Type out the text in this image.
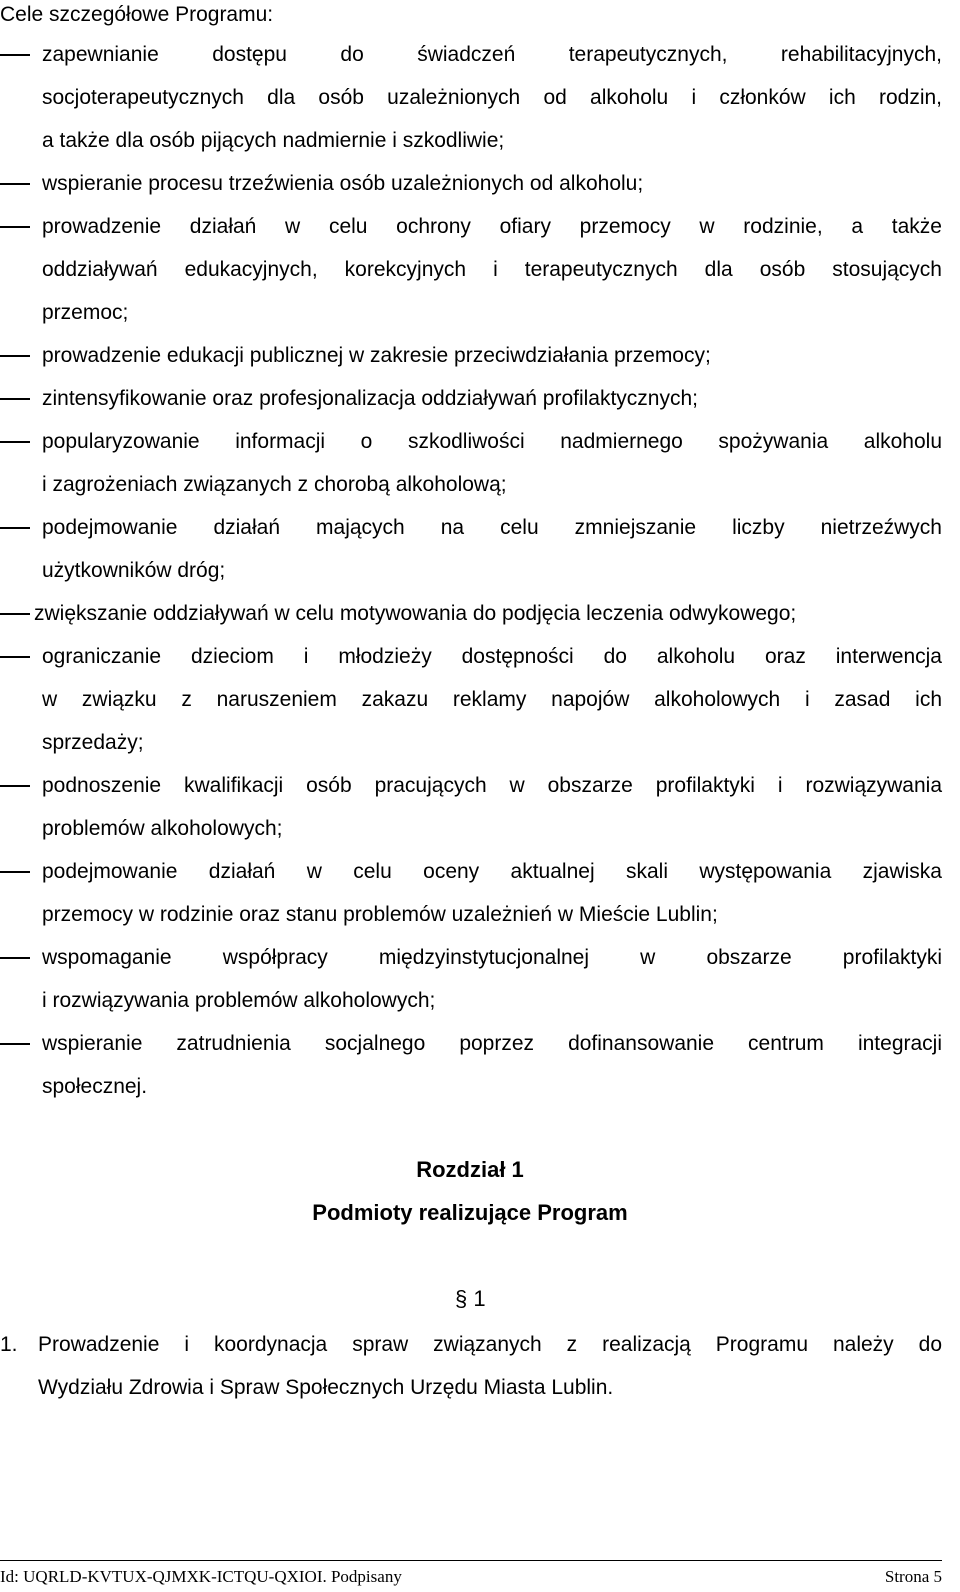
Cele szczegółowe Programu:
zapewnianie dostępu do świadczeń terapeutycznych, rehabilitacyjnych,
socjoterapeutycznych dla osób uzależnionych od alkoholu i członków ich rodzin,
a także dla osób pijących nadmiernie i szkodliwie;
wspieranie procesu trzeźwienia osób uzależnionych od alkoholu;
prowadzenie działań w celu ochrony ofiary przemocy w rodzinie, a także
oddziaływań edukacyjnych, korekcyjnych i terapeutycznych dla osób stosujących
przemoc;
prowadzenie edukacji publicznej w zakresie przeciwdziałania przemocy;
zintensyfikowanie oraz profesjonalizacja oddziaływań profilaktycznych;
popularyzowanie informacji o szkodliwości nadmiernego spożywania alkoholu
i zagrożeniach związanych z chorobą alkoholową;
podejmowanie działań mających na celu zmniejszanie liczby nietrzeźwych
użytkowników dróg;
zwiększanie oddziaływań w celu motywowania do podjęcia leczenia odwykowego;
ograniczanie dzieciom i młodzieży dostępności do alkoholu oraz interwencja
w związku z naruszeniem zakazu reklamy napojów alkoholowych i zasad ich
sprzedaży;
podnoszenie kwalifikacji osób pracujących w obszarze profilaktyki i rozwiązywania
problemów alkoholowych;
podejmowanie działań w celu oceny aktualnej skali występowania zjawiska
przemocy w rodzinie oraz stanu problemów uzależnień w Mieście Lublin;
wspomaganie współpracy międzyinstytucjonalnej w obszarze profilaktyki
i rozwiązywania problemów alkoholowych;
wspieranie zatrudnienia socjalnego poprzez dofinansowanie centrum integracji
społecznej.
Rozdział 1
Podmioty realizujące Program
§ 1
1. Prowadzenie i koordynacja spraw związanych z realizacją Programu należy do
Wydziału Zdrowia i Spraw Społecznych Urzędu Miasta Lublin.
Id: UQRLD-KVTUX-QJMXK-ICTQU-QXIOI. Podpisany	Strona 5
